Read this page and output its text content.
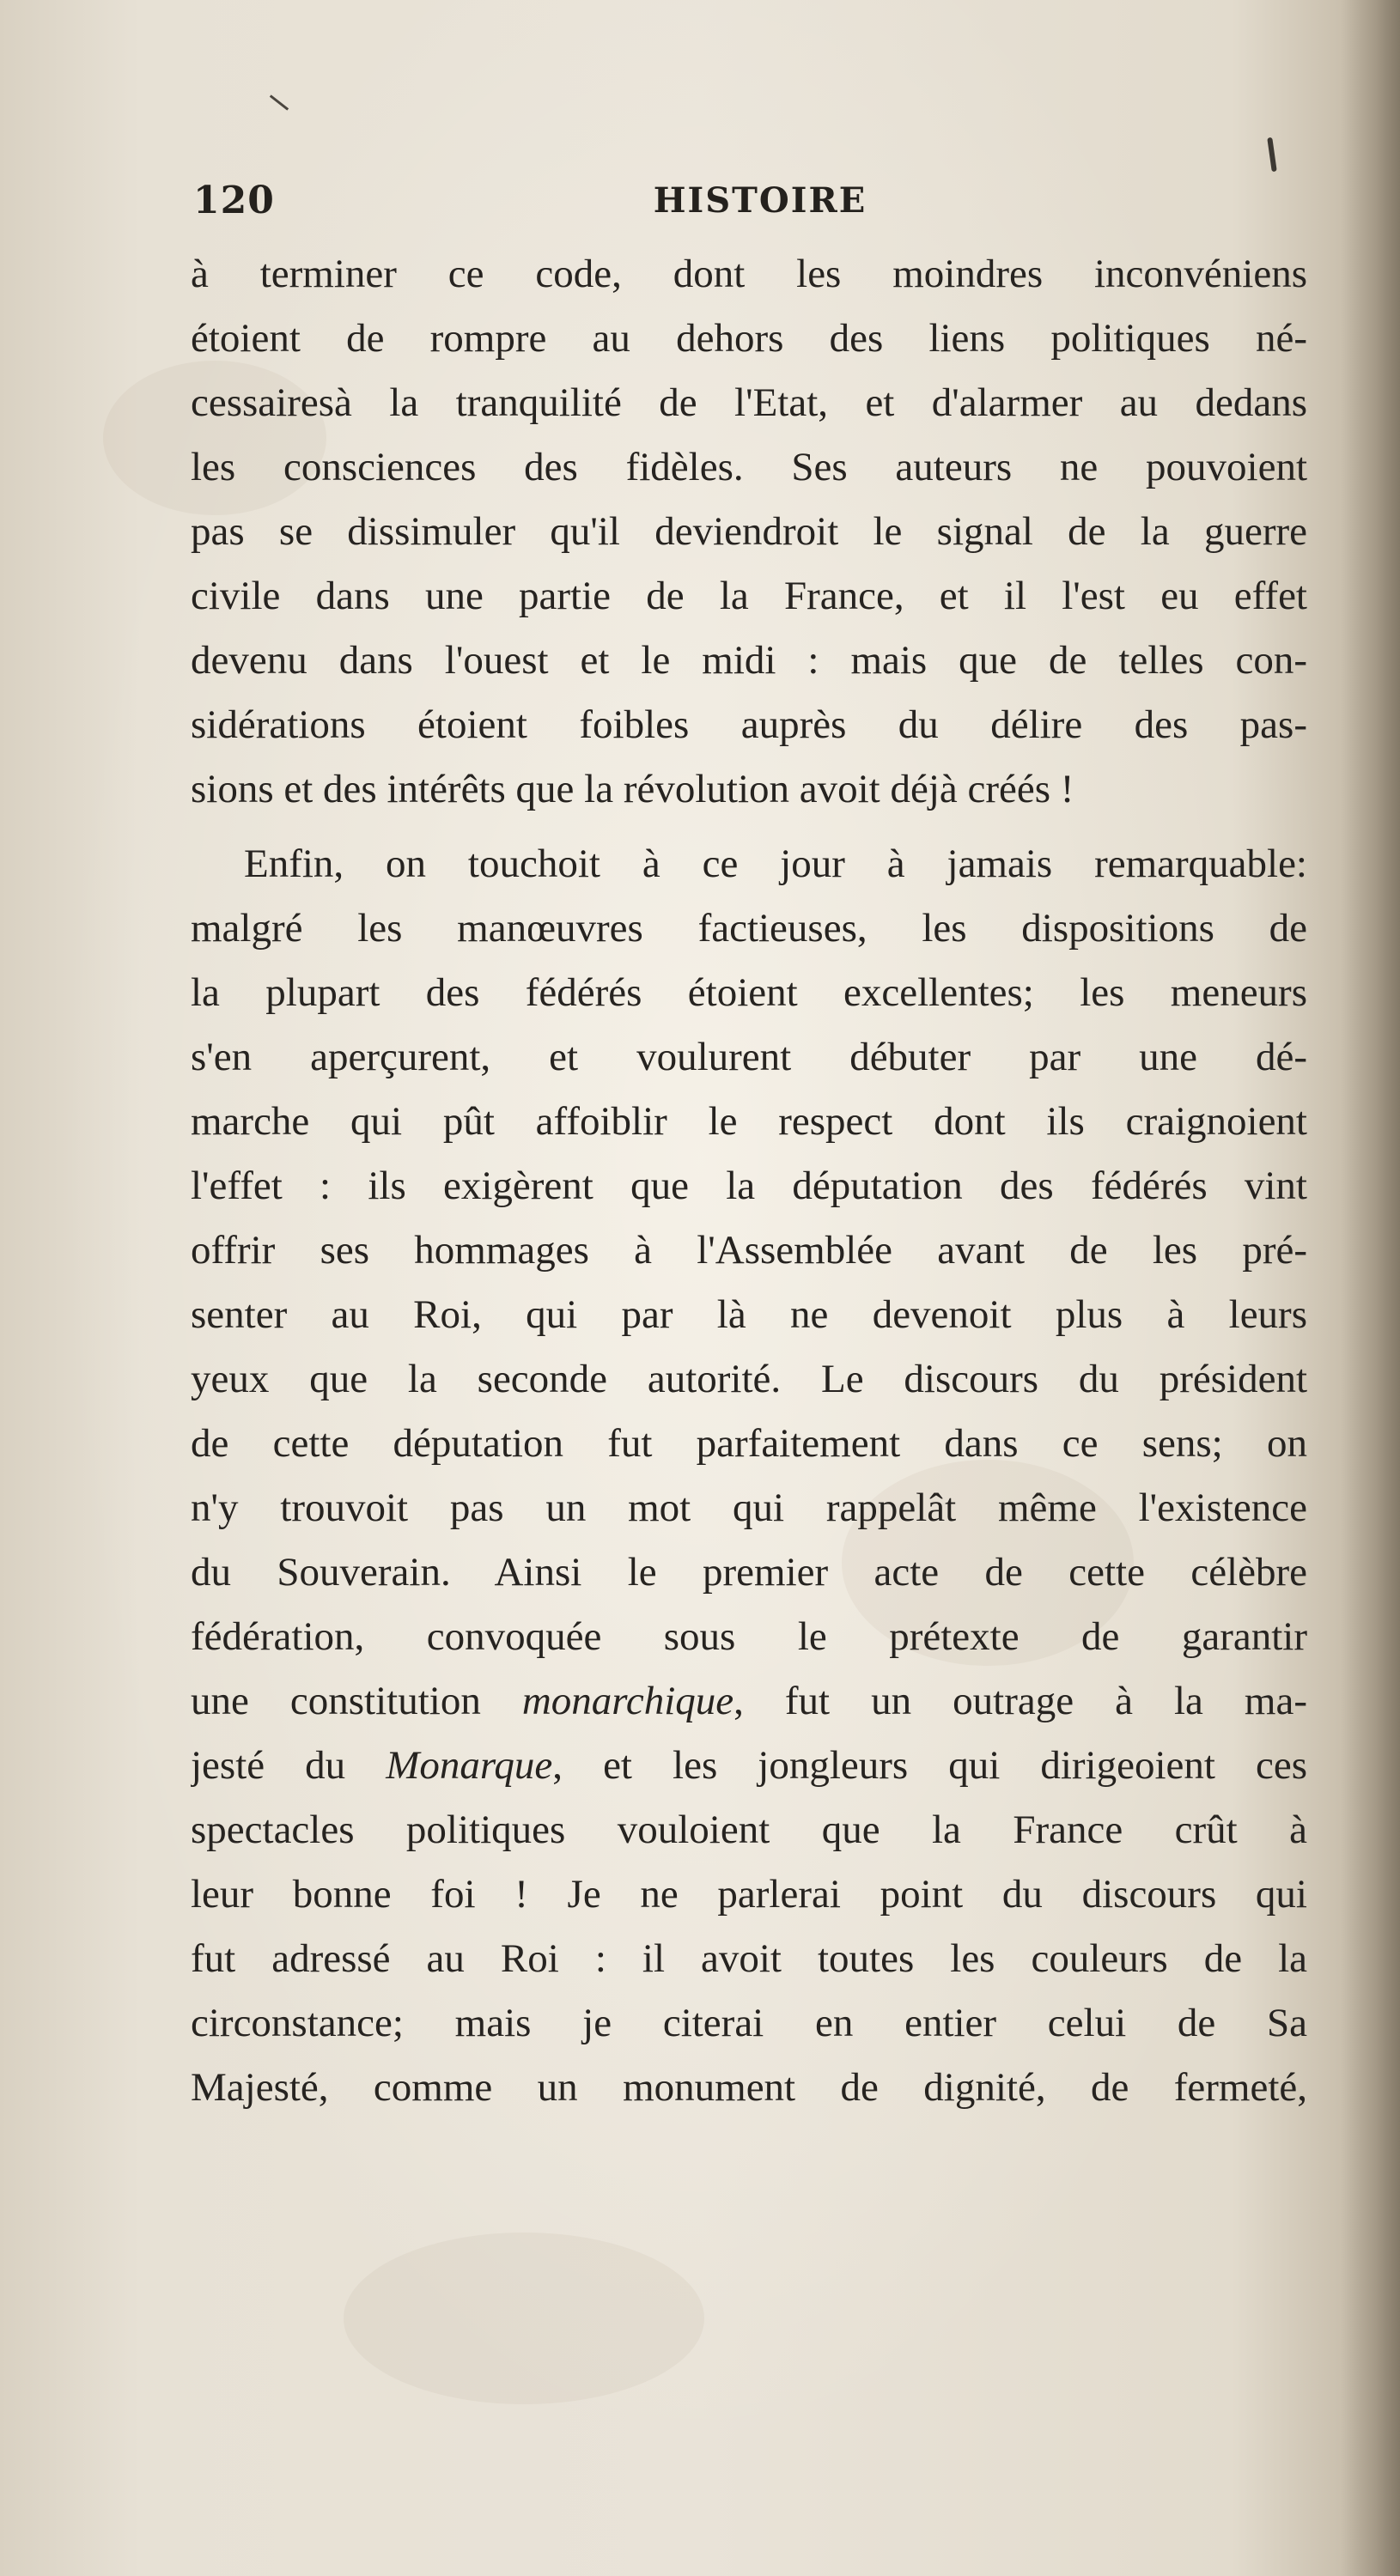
120	HISTOIRE
à terminer ce code, dont les moindres inconvéniens
étoient de rompre au dehors des liens politiques né-
cessairesà la tranquilité de l'Etat, et d'alarmer au dedans
les consciences des fidèles. Ses auteurs ne pouvoient
pas se dissimuler qu'il deviendroit le signal de la guerre
civile dans une partie de la France, et il l'est eu effet
devenu dans l'ouest et le midi : mais que de telles con-
sidérations étoient foibles auprès du délire des pas-
sions et des intérêts que la révolution avoit déjà créés !
Enfin, on touchoit à ce jour à jamais remarquable:
malgré les manœuvres factieuses, les dispositions de
la plupart des fédérés étoient excellentes; les meneurs
s'en aperçurent, et voulurent débuter par une dé-
marche qui pût affoiblir le respect dont ils craignoient
l'effet : ils exigèrent que la députation des fédérés vint
offrir ses hommages à l'Assemblée avant de les pré-
senter au Roi, qui par là ne devenoit plus à leurs
yeux que la seconde autorité. Le discours du président
de cette députation fut parfaitement dans ce sens; on
n'y trouvoit pas un mot qui rappelât même l'existence
du Souverain. Ainsi le premier acte de cette célèbre
fédération, convoquée sous le prétexte de garantir
une constitution monarchique, fut un outrage à la ma-
jesté du Monarque, et les jongleurs qui dirigeoient ces
spectacles politiques vouloient que la France crût à
leur bonne foi ! Je ne parlerai point du discours qui
fut adressé au Roi : il avoit toutes les couleurs de la
circonstance; mais je citerai en entier celui de Sa
Majesté, comme un monument de dignité, de fermeté,
